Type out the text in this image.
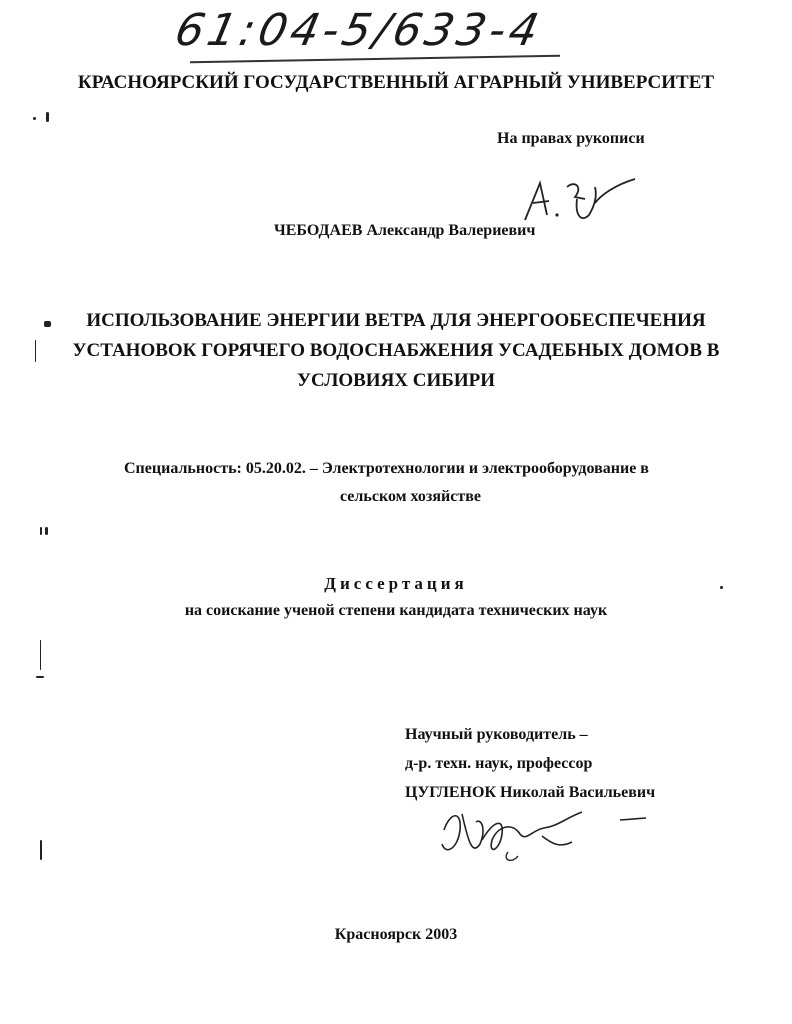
61:04-5/633-4
КРАСНОЯРСКИЙ ГОСУДАРСТВЕННЫЙ АГРАРНЫЙ УНИВЕРСИТЕТ
На правах рукописи
ЧЕБОДАЕВ Александр Валериевич
ИСПОЛЬЗОВАНИЕ ЭНЕРГИИ ВЕТРА ДЛЯ ЭНЕРГООБЕСПЕЧЕНИЯ
УСТАНОВОК ГОРЯЧЕГО ВОДОСНАБЖЕНИЯ УСАДЕБНЫХ ДОМОВ В
УСЛОВИЯХ СИБИРИ
Специальность: 05.20.02. – Электротехнологии и электрооборудование в
сельском хозяйстве
Диссертация
на соискание ученой степени кандидата технических наук
Научный руководитель –
д-р. техн. наук, профессор
ЦУГЛЕНОК Николай Васильевич
Красноярск 2003
